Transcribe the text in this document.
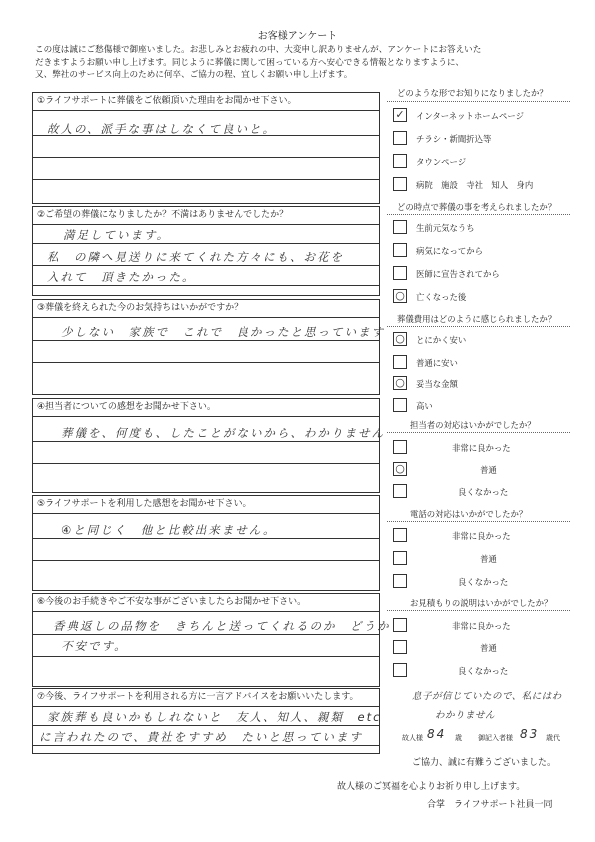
お客様アンケート
この度は誠にご愁傷様で御座いました。お悲しみとお疲れの中、大変申し訳ありませんが、アンケートにお答えいた
だきますようお願い申し上げます。同じように葬儀に関して困っている方へ安心できる情報となりますように、
又、弊社のサービス向上のために何卒、ご協力の程、宜しくお願い申し上げます。
①ライフサポートに葬儀をご依頼頂いた理由をお聞かせ下さい。
故人の、派手な事はしなくて良いと。
②ご希望の葬儀になりましたか？不満はありませんでしたか？
満足しています。
私　の隣へ見送りに来てくれた方々にも、お花を
入れて　頂きたかった。
③葬儀を終えられた今のお気持ちはいかがですか？
少しない　家族で　これで　良かったと思っています
④担当者についての感想をお聞かせ下さい。
葬儀を、何度も、したことがないから、わかりません
⑤ライフサポートを利用した感想をお聞かせ下さい。
④と同じく　他と比較出来ません。
⑥今後のお手続きやご不安な事がございましたらお聞かせ下さい。
香典返しの品物を　きちんと送ってくれるのか　どうか
不安です。
⑦今後、ライフサポートを利用される方に一言アドバイスをお願いいたします。
家族葬も良いかもしれないと　友人、知人、親類　etc
に言われたので、貴社をすすめ　たいと思っています
どのような形でお知りになりましたか？
✓ インターネットホームページ
チラシ・新聞折込等
タウンページ
病院　施設　寺社　知人　身内
どの時点で葬儀の事を考えられましたか？
生前元気なうち
病気になってから
医師に宣告されてから
○ 亡くなった後
葬儀費用はどのように感じられましたか？
○ とにかく安い
普通に安い
○ 妥当な金額
高い
担当者の対応はいかがでしたか？
非常に良かった
○	普通
良くなかった
電話の対応はいかがでしたか？
非常に良かった
普通
良くなかった
お見積もりの説明はいかがでしたか？
非常に良かった
普通
良くなかった
息子が信じていたので、私にはわ
わかりません
故人様 84 歳 御記入者様 83 歳代
ご協力、誠に有難うございました。
故人様のご冥福を心よりお祈り申し上げます。
合掌　ライフサポート社員一同
